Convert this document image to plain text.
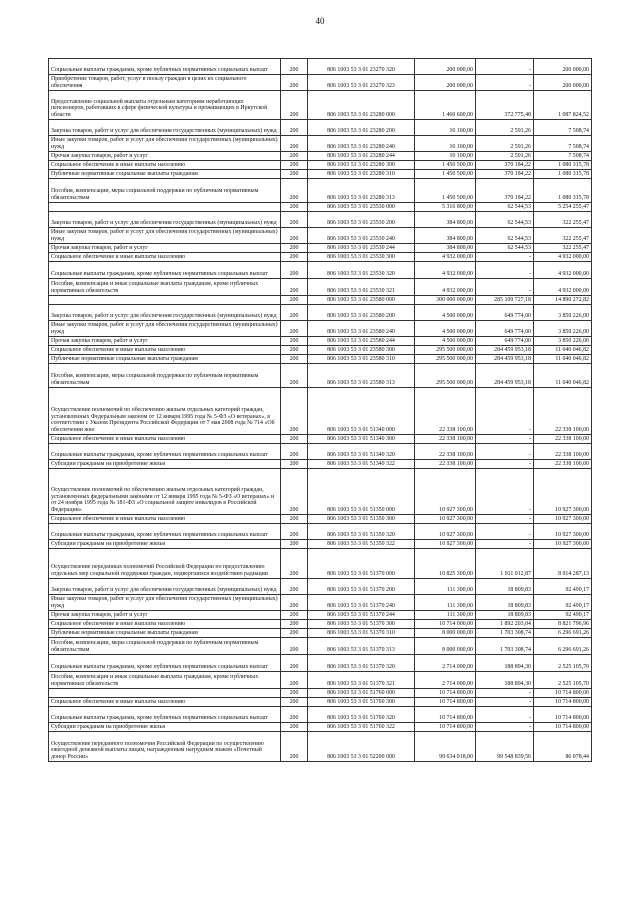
40
Социальные выплаты гражданам, кроме публичных нормативных социальных выплат	200	806 1003 53 3 01 23270 320	200 000,00	-	200 000,00
Приобретение товаров, работ, услуг в пользу граждан в целях их социального обеспечения	200	806 1003 53 3 01 23270 323	200 000,00	-	200 000,00
Предоставление социальной выплаты отдельным категориям неработающих пенсионеров, работавших в сфере физической культуры и проживающих в Иркутской области	200	806 1003 53 3 01 23280 000	1 460 600,00	372 775,48	1 087 824,52
Закупка товаров, работ и услуг для обеспечения государственных (муниципальных) нужд	200	806 1003 53 3 01 23280 200	10 100,00	2 591,26	7 508,74
Иные закупки товаров, работ и услуг для обеспечения государственных (муниципальных) нужд	200	806 1003 53 3 01 23280 240	10 100,00	2 591,26	7 508,74
Прочая закупка товаров, работ и услуг	200	806 1003 53 3 01 23280 244	10 100,00	2 591,26	7 508,74
Социальное обеспечение и иные выплаты населению	200	806 1003 53 3 01 23280 300	1 450 500,00	370 184,22	1 080 315,78
Публичные нормативные социальные выплаты гражданам	200	806 1003 53 3 01 23280 310	1 450 500,00	370 184,22	1 080 315,78
Пособия, компенсации, меры социальной поддержки по публичным нормативным обязательствам	200	806 1003 53 3 01 23280 313	1 450 500,00	370 184,22	1 080 315,78
	200	806 1003 53 3 01 23530 000	5 316 800,00	62 544,53	5 254 255,47
Закупка товаров, работ и услуг для обеспечения государственных (муниципальных) нужд	200	806 1003 53 3 01 23530 200	384 800,00	62 544,53	322 255,47
Иные закупки товаров, работ и услуг для обеспечения государственных (муниципальных) нужд	200	806 1003 53 3 01 23530 240	384 800,00	62 544,53	322 255,47
Прочая закупка товаров, работ и услуг	200	806 1003 53 3 01 23530 244	384 800,00	62 544,53	322 255,47
Социальное обеспечение и иные выплаты населению	200	806 1003 53 3 01 23530 300	4 932 000,00	-	4 932 000,00
Социальные выплаты гражданам, кроме публичных нормативных социальных выплат	200	806 1003 53 3 01 23530 320	4 932 000,00	-	4 932 000,00
Пособия, компенсации и иные социальные выплаты гражданам, кроме публичных нормативных обязательств	200	806 1003 53 3 01 23530 321	4 932 000,00	-	4 932 000,00
	200	806 1003 53 3 01 23580 000	300 000 000,00	285 109 727,18	14 890 272,82
Закупка товаров, работ и услуг для обеспечения государственных (муниципальных) нужд	200	806 1003 53 3 01 23580 200	4 500 000,00	649 774,00	3 850 226,00
Иные закупки товаров, работ и услуг для обеспечения государственных (муниципальных) нужд	200	806 1003 53 3 01 23580 240	4 500 000,00	649 774,00	3 850 226,00
Прочая закупка товаров, работ и услуг	200	806 1003 53 3 01 23580 244	4 500 000,00	649 774,00	3 850 226,00
Социальное обеспечение и иные выплаты населению	200	806 1003 53 3 01 23580 300	295 500 000,00	284 459 953,18	11 040 046,82
Публичные нормативные социальные выплаты гражданам	200	806 1003 53 3 01 23580 310	295 500 000,00	284 459 953,18	11 040 046,82
Пособия, компенсации, меры социальной поддержки по публичным нормативным обязательствам	200	806 1003 53 3 01 23580 313	295 500 000,00	284 459 953,18	11 040 046,82
Осуществление полномочий по обеспечению жильем отдельных категорий граждан, установленных Федеральным законом от 12 января 1995 года № 5-ФЗ «О ветеранах», в соответствии с Указом Президента Российской Федерации от 7 мая 2008 года № 714 «Об обеспечении жил	200	806 1003 53 3 01 51340 000	22 338 100,00	-	22 338 100,00
Социальное обеспечение и иные выплаты населению	200	806 1003 53 3 01 51340 300	22 338 100,00	-	22 338 100,00
Социальные выплаты гражданам, кроме публичных нормативных социальных выплат	200	806 1003 53 3 01 51340 320	22 338 100,00	-	22 338 100,00
Субсидии гражданам на приобретение жилья	200	806 1003 53 3 01 51340 322	22 338 100,00	-	22 338 100,00
Осуществление полномочий по обеспечению жильем отдельных категорий граждан, установленных федеральными законами от 12 января 1995 года № 5-ФЗ «О ветеранах» и от 24 ноября 1995 года № 181-ФЗ «О социальной защите инвалидов в Российской Федерации»	200	806 1003 53 3 01 51350 000	10 927 300,00	-	10 927 300,00
Социальное обеспечение и иные выплаты населению	200	806 1003 53 3 01 51350 300	10 927 300,00	-	10 927 300,00
Социальные выплаты гражданам, кроме публичных нормативных социальных выплат	200	806 1003 53 3 01 51350 320	10 927 300,00	-	10 927 300,00
Субсидии гражданам на приобретение жилья	200	806 1003 53 3 01 51350 322	10 927 300,00	-	10 927 300,00
Осуществление переданных полномочий Российской Федерации по предоставлению отдельных мер социальной поддержки граждан, подвергшихся воздействию радиации	200	806 1003 53 3 01 51370 000	10 825 300,00	1 911 012,87	8 914 287,13
Закупка товаров, работ и услуг для обеспечения государственных (муниципальных) нужд	200	806 1003 53 3 01 51370 200	111 300,00	18 809,83	92 490,17
Иные закупки товаров, работ и услуг для обеспечения государственных (муниципальных) нужд	200	806 1003 53 3 01 51370 240	111 300,00	18 809,83	92 490,17
Прочая закупка товаров, работ и услуг	200	806 1003 53 3 01 51370 244	111 300,00	18 809,83	92 490,17
Социальное обеспечение и иные выплаты населению	200	806 1003 53 3 01 51370 300	10 714 000,00	1 892 203,04	8 821 796,96
Публичные нормативные социальные выплаты гражданам	200	806 1003 53 3 01 51370 310	8 000 000,00	1 703 308,74	6 296 691,26
Пособия, компенсации, меры социальной поддержки по публичным нормативным обязательствам	200	806 1003 53 3 01 51370 313	8 000 000,00	1 703 308,74	6 296 691,26
Социальные выплаты гражданам, кроме публичных нормативных социальных выплат	200	806 1003 53 3 01 51370 320	2 714 000,00	188 894,30	2 525 105,70
Пособия, компенсации и иные социальные выплаты гражданам, кроме публичных нормативных обязательств	200	806 1003 53 3 01 51370 321	2 714 000,00	188 894,30	2 525 105,70
	200	806 1003 53 3 01 51760 000	10 714 800,00	-	10 714 800,00
Социальное обеспечение и иные выплаты населению	200	806 1003 53 3 01 51760 300	10 714 800,00	-	10 714 800,00
Социальные выплаты гражданам, кроме публичных нормативных социальных выплат	200	806 1003 53 3 01 51760 320	10 714 800,00	-	10 714 800,00
Субсидии гражданам на приобретение жилья	200	806 1003 53 3 01 51760 322	10 714 800,00	-	10 714 800,00
Осуществление переданного полномочия Российской Федерации по осуществлению ежегодной денежной выплаты лицам, награжденным нагрудным знаком «Почетный донор России»	200	806 1003 53 3 01 52200 000	99 634 918,00	99 548 839,56	86 078,44
